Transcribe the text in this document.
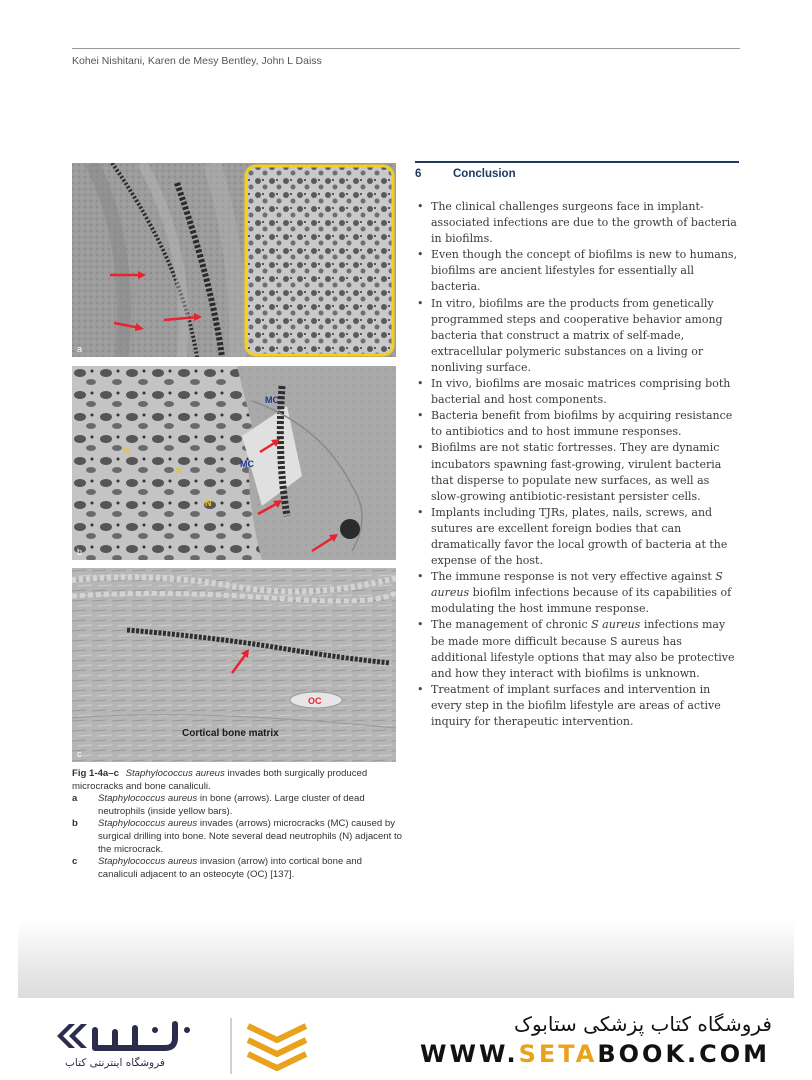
Kohei Nishitani, Karen de Mesy Bentley, John L Daiss
a
MC
MC
N
N
N
b
OC
Cortical bone matrix
c
Fig 1-4a–c Staphylococcus aureus invades both surgically produced microcracks and bone canaliculi.
a	Staphylococcus aureus in bone (arrows). Large cluster of dead neutrophils (inside yellow bars).
b	Staphylococcus aureus invades (arrows) microcracks (MC) caused by surgical drilling into bone. Note several dead neutrophils (N) adjacent to the microcrack.
c	Staphylococcus aureus invasion (arrow) into cortical bone and canaliculi adjacent to an osteocyte (OC) [137].
6	Conclusion
• The clinical challenges surgeons face in implant-associated infections are due to the growth of bacteria in biofilms.
• Even though the concept of biofilms is new to humans, biofilms are ancient lifestyles for essentially all bacteria.
• In vitro, biofilms are the products from genetically programmed steps and cooperative behavior among bacteria that construct a matrix of self-made, extracellular polymeric substances on a living or nonliving surface.
• In vivo, biofilms are mosaic matrices comprising both bacterial and host components.
• Bacteria benefit from biofilms by acquiring resistance to antibiotics and to host immune responses.
• Biofilms are not static fortresses. They are dynamic incubators spawning fast-growing, virulent bacteria that disperse to populate new surfaces, as well as slow-growing antibiotic-resistant persister cells.
• Implants including TJRs, plates, nails, screws, and sutures are excellent foreign bodies that can dramatically favor the local growth of bacteria at the expense of the host.
• The immune response is not very effective against S aureus biofilm infections because of its capabilities of modulating the host immune response.
• The management of chronic S aureus infections may be made more difficult because S aureus has additional lifestyle options that may also be protective and how they interact with biofilms is unknown.
• Treatment of implant surfaces and intervention in every step in the biofilm lifestyle are areas of active inquiry for therapeutic intervention.
فروشگاه اینترنتی کتاب
فروشگاه کتاب پزشکی ستابوک
WWW.SETABOOK.COM
